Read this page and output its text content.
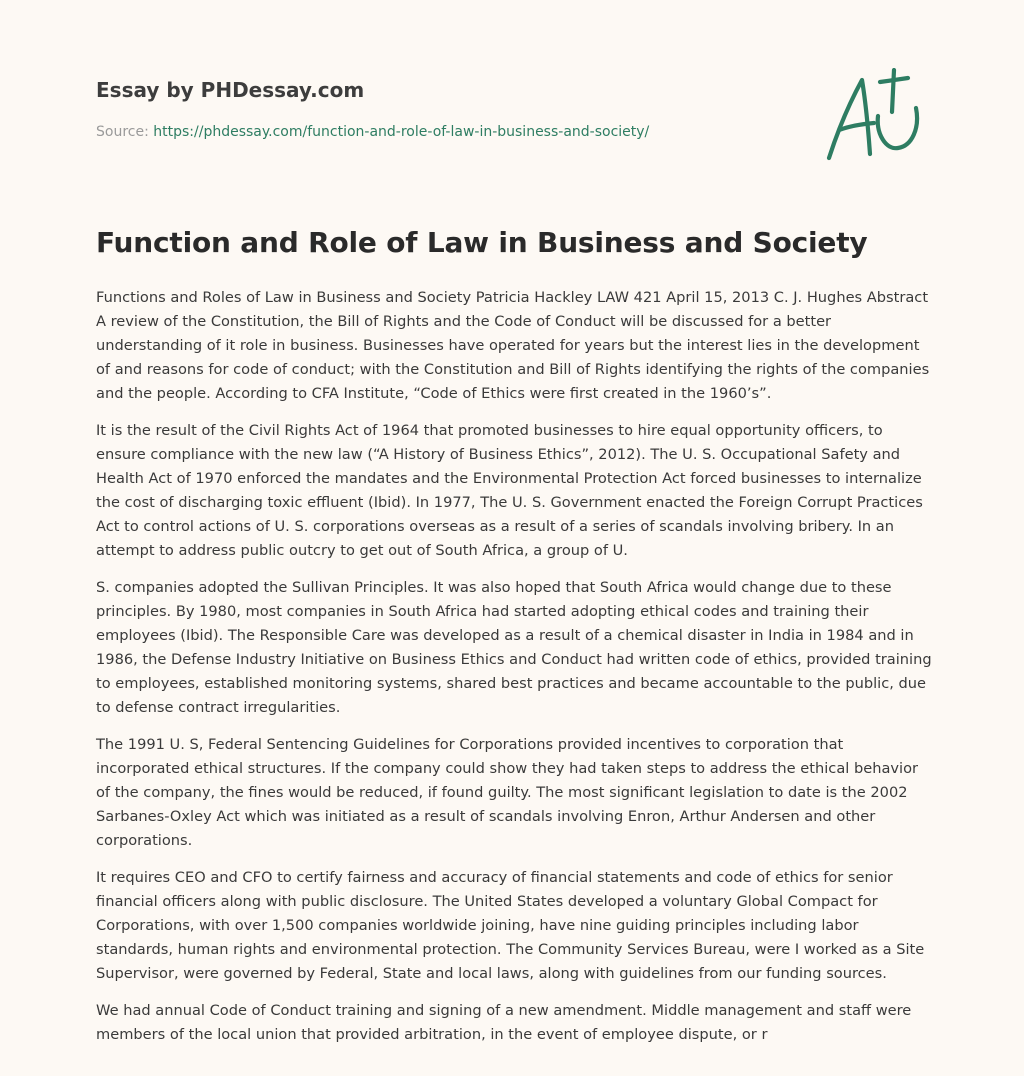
Essay by PHDessay.com
Source: https://phdessay.com/function-and-role-of-law-in-business-and-society/
Function and Role of Law in Business and Society

Functions and Roles of Law in Business and Society Patricia Hackley LAW 421 April 15, 2013 C. J. Hughes Abstract A review of the Constitution, the Bill of Rights and the Code of Conduct will be discussed for a better understanding of it role in business. Businesses have operated for years but the interest lies in the development of and reasons for code of conduct; with the Constitution and Bill of Rights identifying the rights of the companies and the people. According to CFA Institute, “Code of Ethics were first created in the 1960’s”.

It is the result of the Civil Rights Act of 1964 that promoted businesses to hire equal opportunity officers, to ensure compliance with the new law (“A History of Business Ethics”, 2012). The U. S. Occupational Safety and Health Act of 1970 enforced the mandates and the Environmental Protection Act forced businesses to internalize the cost of discharging toxic effluent (Ibid). In 1977, The U. S. Government enacted the Foreign Corrupt Practices Act to control actions of U. S. corporations overseas as a result of a series of scandals involving bribery. In an attempt to address public outcry to get out of South Africa, a group of U.

S. companies adopted the Sullivan Principles. It was also hoped that South Africa would change due to these principles. By 1980, most companies in South Africa had started adopting ethical codes and training their employees (Ibid). The Responsible Care was developed as a result of a chemical disaster in India in 1984 and in 1986, the Defense Industry Initiative on Business Ethics and Conduct had written code of ethics, provided training to employees, established monitoring systems, shared best practices and became accountable to the public, due to defense contract irregularities.

The 1991 U. S, Federal Sentencing Guidelines for Corporations provided incentives to corporation that incorporated ethical structures. If the company could show they had taken steps to address the ethical behavior of the company, the fines would be reduced, if found guilty. The most significant legislation to date is the 2002 Sarbanes-Oxley Act which was initiated as a result of scandals involving Enron, Arthur Andersen and other corporations.

It requires CEO and CFO to certify fairness and accuracy of financial statements and code of ethics for senior financial officers along with public disclosure. The United States developed a voluntary Global Compact for Corporations, with over 1,500 companies worldwide joining, have nine guiding principles including labor standards, human rights and environmental protection. The Community Services Bureau, were I worked as a Site Supervisor, were governed by Federal, State and local laws, along with guidelines from our funding sources.

We had annual Code of Conduct training and signing of a new amendment. Middle management and staff were members of the local union that provided arbitration, in the event of employee dispute, or r
